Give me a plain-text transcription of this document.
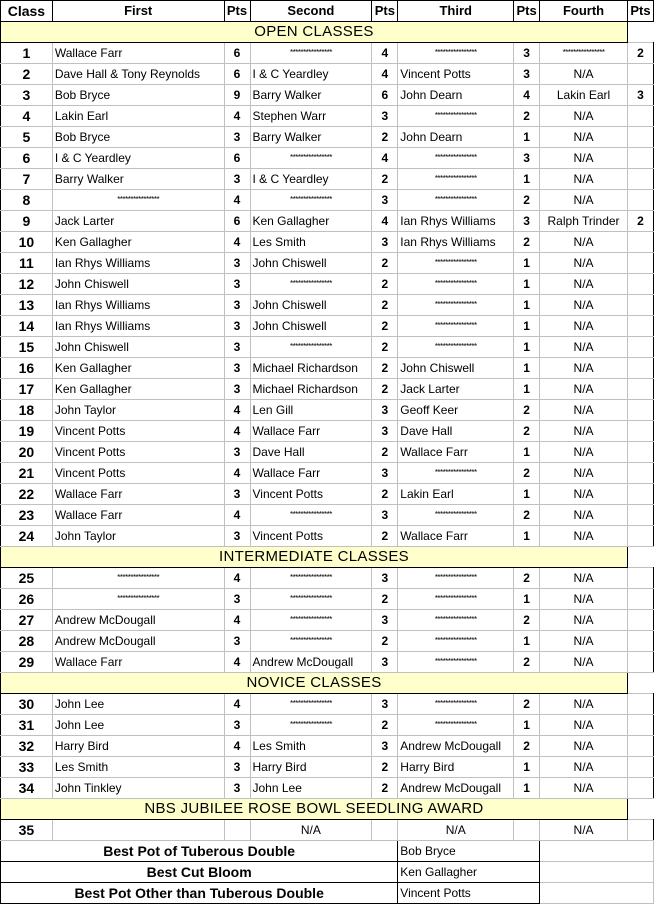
Class	First	Pts	Second	Pts	Third	Pts	Fourth	Pts
OPEN CLASSES								
1	Wallace Farr	6	****************	4	****************	3	****************	2
2	Dave Hall & Tony Reynolds	6	I & C Yeardley	4	Vincent Potts	3	N/A	
3	Bob Bryce	9	Barry Walker	6	John Dearn	4	Lakin Earl	3
4	Lakin Earl	4	Stephen Warr	3	****************	2	N/A	
5	Bob Bryce	3	Barry Walker	2	John Dearn	1	N/A	
6	I & C Yeardley	6	****************	4	****************	3	N/A	
7	Barry Walker	3	I & C Yeardley	2	****************	1	N/A	
8	****************	4	****************	3	****************	2	N/A	
9	Jack Larter	6	Ken Gallagher	4	Ian Rhys Williams	3	Ralph Trinder	2
10	Ken Gallagher	4	Les Smith	3	Ian Rhys Williams	2	N/A	
11	Ian Rhys Williams	3	John Chiswell	2	****************	1	N/A	
12	John Chiswell	3	****************	2	****************	1	N/A	
13	Ian Rhys Williams	3	John Chiswell	2	****************	1	N/A	
14	Ian Rhys Williams	3	John Chiswell	2	****************	1	N/A	
15	John Chiswell	3	****************	2	****************	1	N/A	
16	Ken Gallagher	3	Michael Richardson	2	John Chiswell	1	N/A	
17	Ken Gallagher	3	Michael Richardson	2	Jack Larter	1	N/A	
18	John Taylor	4	Len Gill	3	Geoff Keer	2	N/A	
19	Vincent Potts	4	Wallace Farr	3	Dave Hall	2	N/A	
20	Vincent Potts	3	Dave Hall	2	Wallace Farr	1	N/A	
21	Vincent Potts	4	Wallace Farr	3	****************	2	N/A	
22	Wallace Farr	3	Vincent Potts	2	Lakin Earl	1	N/A	
23	Wallace Farr	4	****************	3	****************	2	N/A	
24	John Taylor	3	Vincent Potts	2	Wallace Farr	1	N/A	
INTERMEDIATE CLASSES								
25	****************	4	****************	3	****************	2	N/A	
26	****************	3	****************	2	****************	1	N/A	
27	Andrew McDougall	4	****************	3	****************	2	N/A	
28	Andrew McDougall	3	****************	2	****************	1	N/A	
29	Wallace Farr	4	Andrew McDougall	3	****************	2	N/A	
NOVICE CLASSES								
30	John Lee	4	****************	3	****************	2	N/A	
31	John Lee	3	****************	2	****************	1	N/A	
32	Harry Bird	4	Les Smith	3	Andrew McDougall	2	N/A	
33	Les Smith	3	Harry Bird	2	Harry Bird	1	N/A	
34	John Tinkley	3	John Lee	2	Andrew McDougall	1	N/A	
NBS JUBILEE ROSE BOWL SEEDLING AWARD								
35			N/A		N/A		N/A	
Best Pot of Tuberous Double					Bob Bryce			
Best Cut Bloom					Ken Gallagher			
Best Pot Other than Tuberous Double					Vincent Potts			
